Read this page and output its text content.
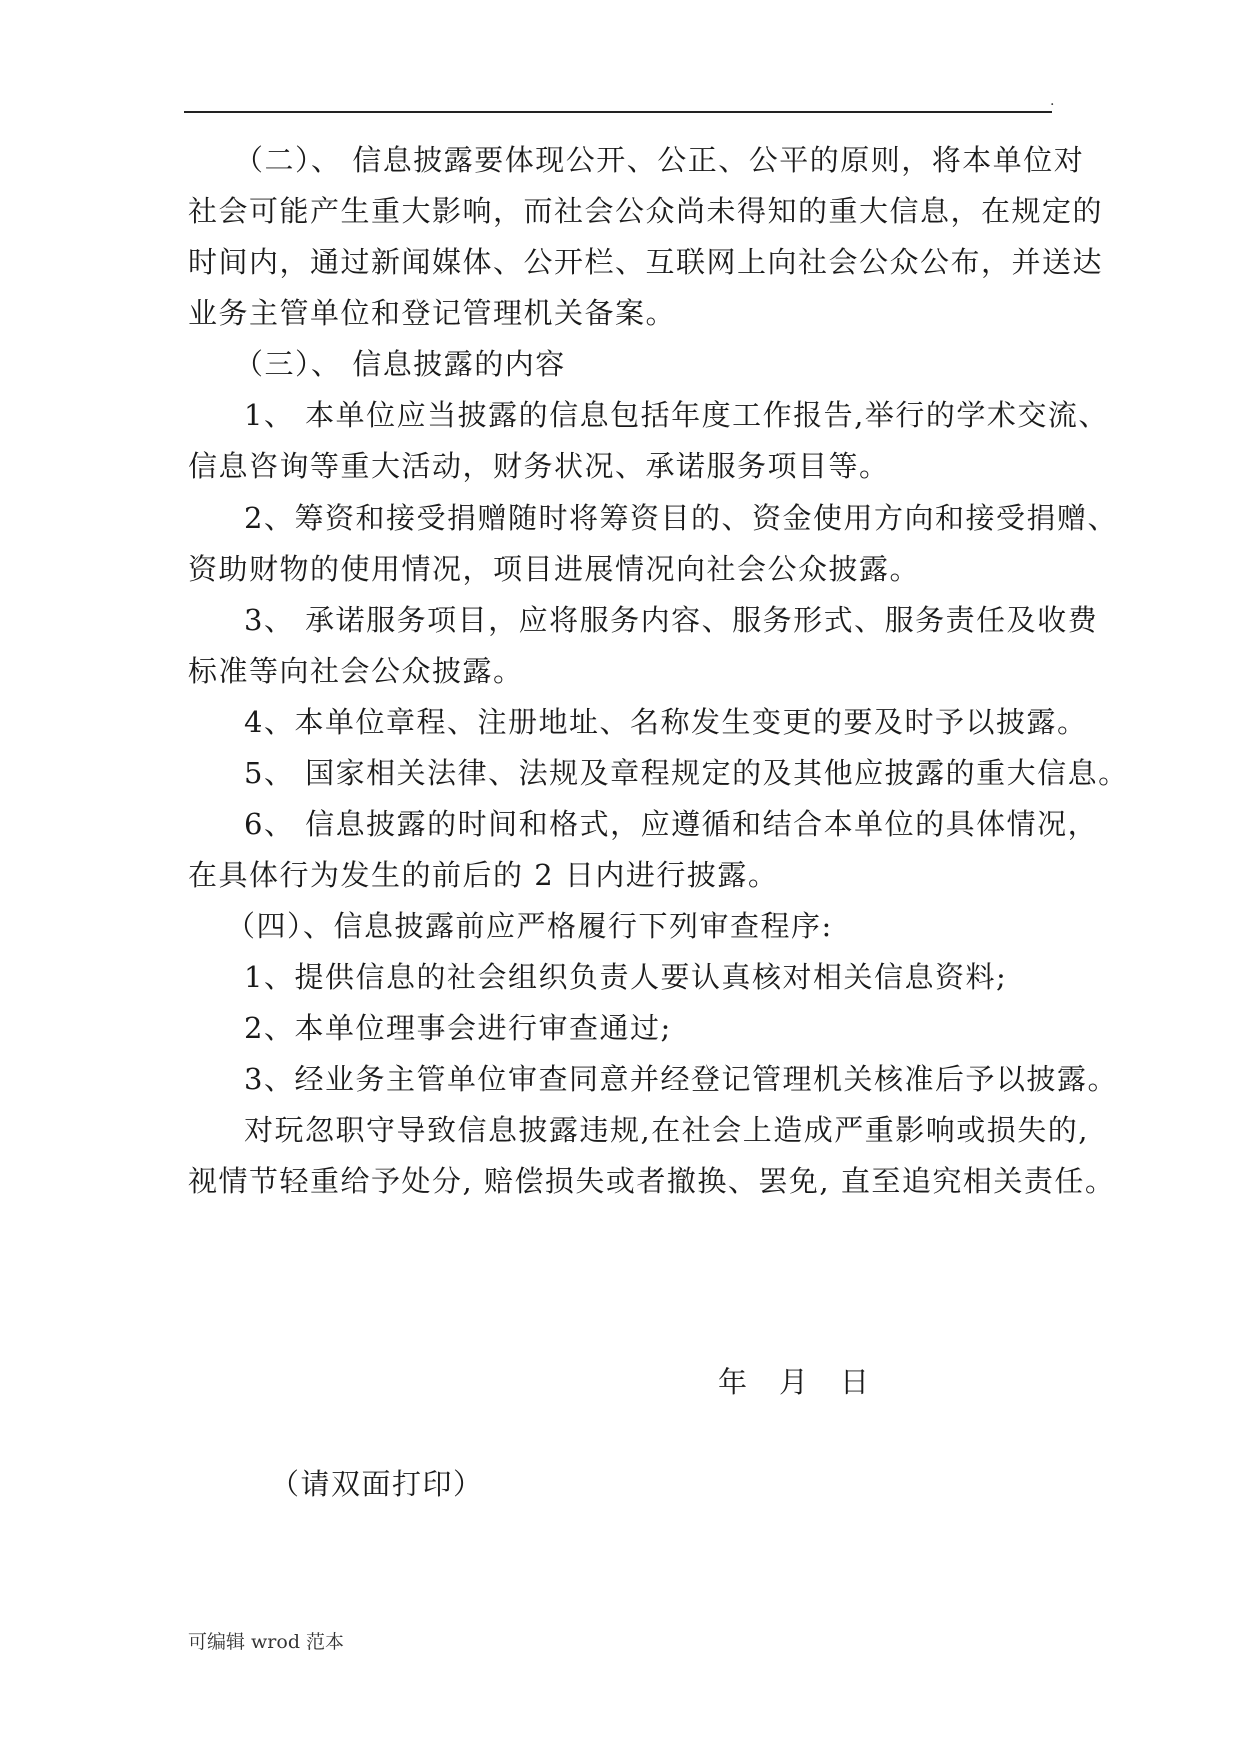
.
（二）、 信息披露要体现公开、公正、公平的原则，将本单位对
社会可能产生重大影响，而社会公众尚未得知的重大信息，在规定的
时间内，通过新闻媒体、公开栏、互联网上向社会公众公布，并送达
业务主管单位和登记管理机关备案。
（三）、 信息披露的内容
1、 本单位应当披露的信息包括年度工作报告,举行的学术交流、
信息咨询等重大活动，财务状况、承诺服务项目等。
2、筹资和接受捐赠随时将筹资目的、资金使用方向和接受捐赠、
资助财物的使用情况，项目进展情况向社会公众披露。
3、 承诺服务项目，应将服务内容、服务形式、服务责任及收费
标准等向社会公众披露。
4、本单位章程、注册地址、名称发生变更的要及时予以披露。
5、 国家相关法律、法规及章程规定的及其他应披露的重大信息。
6、 信息披露的时间和格式，应遵循和结合本单位的具体情况，
在具体行为发生的前后的 2 日内进行披露。
（四）、信息披露前应严格履行下列审查程序:
1、提供信息的社会组织负责人要认真核对相关信息资料;
2、本单位理事会进行审查通过;
3、经业务主管单位审查同意并经登记管理机关核准后予以披露。
对玩忽职守导致信息披露违规,在社会上造成严重影响或损失的,
视情节轻重给予处分, 赔偿损失或者撤换、罢免, 直至追究相关责任。
年　月　日
（请双面打印）
可编辑 wrod 范本
